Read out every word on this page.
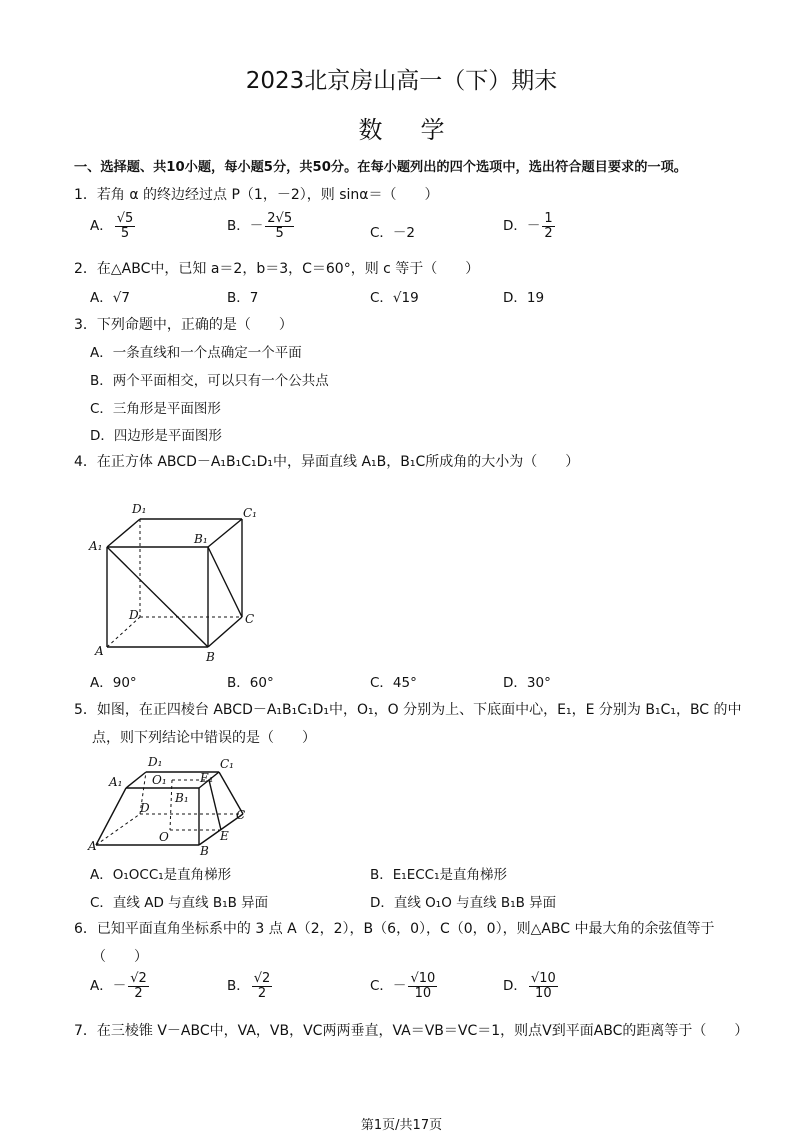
2023北京房山高一（下）期末
数学
一、选择题、共10小题，每小题5分，共50分。在每小题列出的四个选项中，选出符合题目要求的一项。
1．若角 α 的终边经过点 P（1，－2），则 sinα＝（　　）
A． $\frac{√5}{5}$	B．－ $\frac{2√5}{5}$	C．－2	D．－ $\frac{1}{2}$
2．在△ABC中，已知 a＝2，b＝3，C＝60°，则 c 等于（　　）
A．√7	B．7	C．√19	D．19
3．下列命题中，正确的是（　　）
A．一条直线和一个点确定一个平面
B．两个平面相交，可以只有一个公共点
C．三角形是平面图形
D．四边形是平面图形
4．在正方体 ABCD－A₁B₁C₁D₁中，异面直线 A₁B，B₁C所成角的大小为（　　）
D₁	C₁
A₁	B₁
D	C
A	B
A．90°	B．60°	C．45°	D．30°
5．如图，在正四棱台 ABCD－A₁B₁C₁D₁中，O₁，O 分别为上、下底面中心，E₁，E 分别为 B₁C₁，BC 的中
点，则下列结论中错误的是（　　）
D₁	C₁
A₁ O₁	E₁
B₁
D	C
O	E
A	B
A．O₁OCC₁是直角梯形	B．E₁ECC₁是直角梯形
C．直线 AD 与直线 B₁B 异面	D．直线 O₁O 与直线 B₁B 异面
6．已知平面直角坐标系中的 3 点 A（2，2），B（6，0），C（0，0），则△ABC 中最大角的余弦值等于
（　　）
A．－ $\frac{√2}{2}$	B． $\frac{√2}{2}$	C．－ $\frac{√10}{10}$	D． $\frac{√10}{10}$
7．在三棱锥 V－ABC中，VA，VB，VC两两垂直，VA＝VB＝VC＝1，则点V到平面ABC的距离等于（　　）
第1页/共17页
